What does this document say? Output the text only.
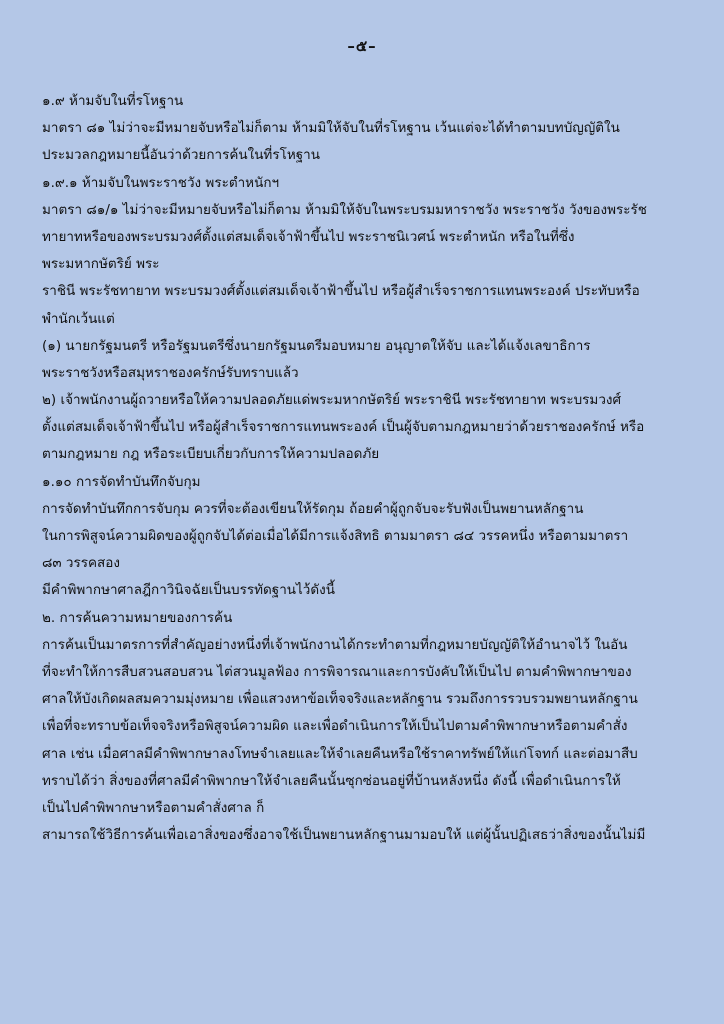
–๕–
๑.๙ ห้ามจับในที่รโหฐาน
มาตรา ๘๑ ไม่ว่าจะมีหมายจับหรือไม่ก็ตาม ห้ามมิให้จับในที่รโหฐาน เว้นแต่จะได้ทำตามบทบัญญัติใน
ประมวลกฎหมายนี้อันว่าด้วยการค้นในที่รโหฐาน
๑.๙.๑ ห้ามจับในพระราชวัง พระตำหนักฯ
มาตรา ๘๑/๑ ไม่ว่าจะมีหมายจับหรือไม่ก็ตาม ห้ามมิให้จับในพระบรมมหาราชวัง พระราชวัง วังของพระรัช
ทายาทหรือของพระบรมวงศ์ตั้งแต่สมเด็จเจ้าฟ้าขึ้นไป พระราชนิเวศน์ พระตำหนัก หรือในที่ซึ่ง
พระมหากษัตริย์ พระ
ราชินี พระรัชทายาท พระบรมวงศ์ตั้งแต่สมเด็จเจ้าฟ้าขึ้นไป หรือผู้สำเร็จราชการแทนพระองค์ ประทับหรือ
พำนักเว้นแต่
(๑) นายกรัฐมนตรี หรือรัฐมนตรีซึ่งนายกรัฐมนตรีมอบหมาย อนุญาตให้จับ และได้แจ้งเลขาธิการ
พระราชวังหรือสมุหราชองครักษ์รับทราบแล้ว
๒) เจ้าพนักงานผู้ถวายหรือให้ความปลอดภัยแด่พระมหากษัตริย์ พระราชินี พระรัชทายาท พระบรมวงศ์
ตั้งแต่สมเด็จเจ้าฟ้าขึ้นไป หรือผู้สำเร็จราชการแทนพระองค์ เป็นผู้จับตามกฎหมายว่าด้วยราชองครักษ์ หรือ
ตามกฎหมาย กฎ หรือระเบียบเกี่ยวกับการให้ความปลอดภัย
๑.๑๐ การจัดทำบันทึกจับกุม
การจัดทำบันทึกการจับกุม ควรที่จะต้องเขียนให้รัดกุม ถ้อยคำผู้ถูกจับจะรับฟังเป็นพยานหลักฐาน
ในการพิสูจน์ความผิดของผู้ถูกจับได้ต่อเมื่อได้มีการแจ้งสิทธิ ตามมาตรา ๘๔ วรรคหนึ่ง หรือตามมาตรา
๘๓ วรรคสอง
มีคำพิพากษาศาลฎีกาวินิจฉัยเป็นบรรทัดฐานไว้ดังนี้
๒. การค้นความหมายของการค้น
การค้นเป็นมาตรการที่สำคัญอย่างหนึ่งที่เจ้าพนักงานได้กระทำตามที่กฎหมายบัญญัติให้อำนาจไว้ ในอัน
ที่จะทำให้การสืบสวนสอบสวน ไต่สวนมูลฟ้อง การพิจารณาและการบังคับให้เป็นไป ตามคำพิพากษาของ
ศาลให้บังเกิดผลสมความมุ่งหมาย เพื่อแสวงหาข้อเท็จจริงและหลักฐาน รวมถึงการรวบรวมพยานหลักฐาน
เพื่อที่จะทราบข้อเท็จจริงหรือพิสูจน์ความผิด และเพื่อดำเนินการให้เป็นไปตามคำพิพากษาหรือตามคำสั่ง
ศาล เช่น เมื่อศาลมีคำพิพากษาลงโทษจำเลยและให้จำเลยคืนหรือใช้ราคาทรัพย์ให้แก่โจทก์ และต่อมาสืบ
ทราบได้ว่า สิ่งของที่ศาลมีคำพิพากษาให้จำเลยคืนนั้นซุกซ่อนอยู่ที่บ้านหลังหนึ่ง ดังนี้ เพื่อดำเนินการให้
เป็นไปคำพิพากษาหรือตามคำสั่งศาล ก็
สามารถใช้วิธีการค้นเพื่อเอาสิ่งของซึ่งอาจใช้เป็นพยานหลักฐานมามอบให้ แต่ผู้นั้นปฏิเสธว่าสิ่งของนั้นไม่มี
